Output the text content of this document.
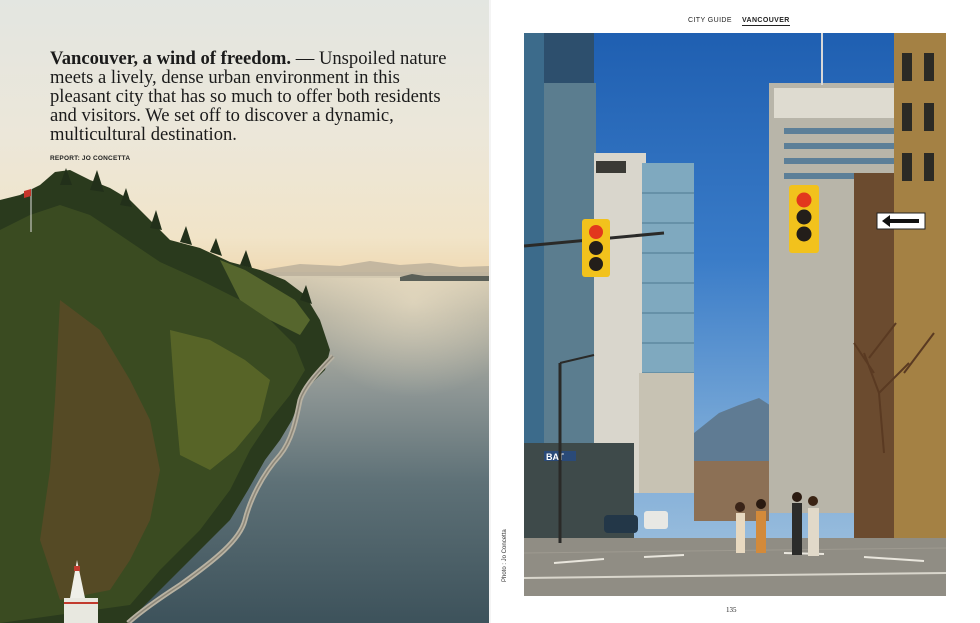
Vancouver, a wind of freedom. — Unspoiled nature meets a lively, dense urban environment in this pleasant city that has so much to offer both residents and visitors. We set off to discover a dynamic, multicultural destination.

REPORT: JO CONCETTA

CITY GUIDE VANCOUVER
BAT
Photo : Jo Concetta
135
